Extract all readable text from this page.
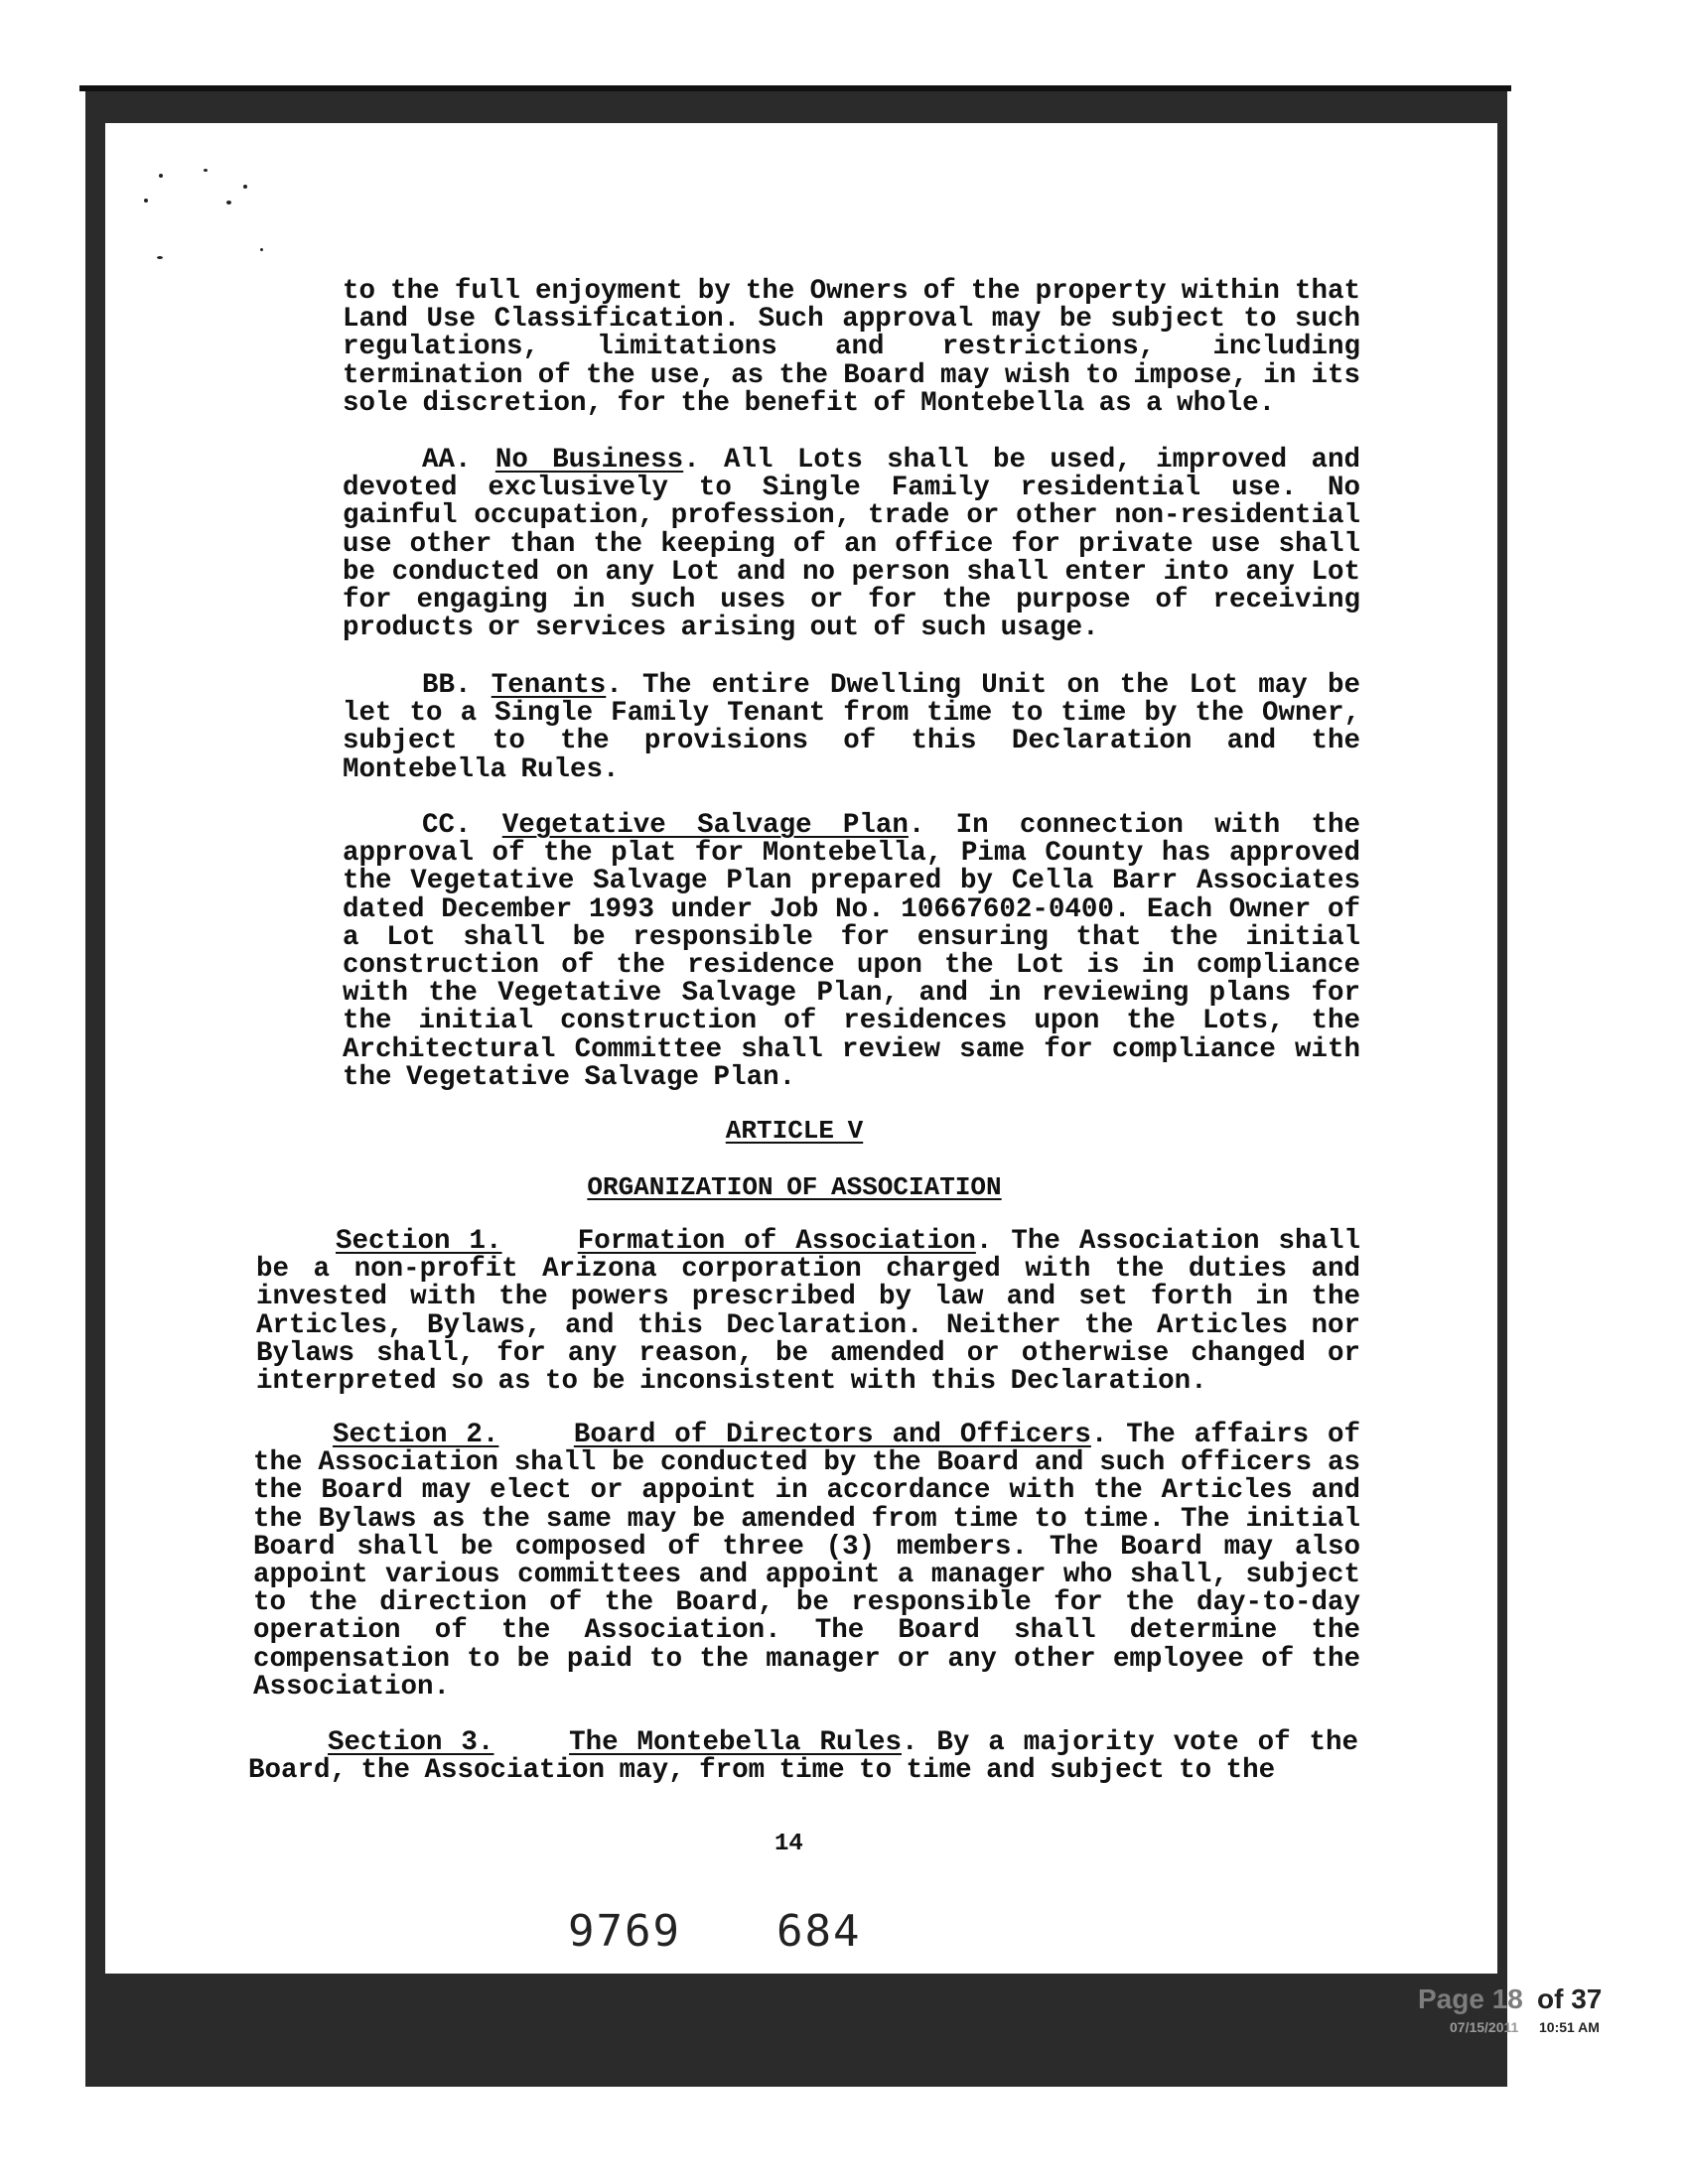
to the full enjoyment by the Owners of the property within that Land Use Classification. Such approval may be subject to such regulations, limitations and restrictions, including termination of the use, as the Board may wish to impose, in its sole discretion, for the benefit of Montebella as a whole.
AA. No Business. All Lots shall be used, improved and devoted exclusively to Single Family residential use. No gainful occupation, profession, trade or other non-residential use other than the keeping of an office for private use shall be conducted on any Lot and no person shall enter into any Lot for engaging in such uses or for the purpose of receiving products or services arising out of such usage.
BB. Tenants. The entire Dwelling Unit on the Lot may be let to a Single Family Tenant from time to time by the Owner, subject to the provisions of this Declaration and the Montebella Rules.
CC. Vegetative Salvage Plan. In connection with the approval of the plat for Montebella, Pima County has approved the Vegetative Salvage Plan prepared by Cella Barr Associates dated December 1993 under Job No. 10667602-0400. Each Owner of a Lot shall be responsible for ensuring that the initial construction of the residence upon the Lot is in compliance with the Vegetative Salvage Plan, and in reviewing plans for the initial construction of residences upon the Lots, the Architectural Committee shall review same for compliance with the Vegetative Salvage Plan.
ARTICLE V
ORGANIZATION OF ASSOCIATION
Section 1.	Formation of Association. The Association shall be a non-profit Arizona corporation charged with the duties and invested with the powers prescribed by law and set forth in the Articles, Bylaws, and this Declaration. Neither the Articles nor Bylaws shall, for any reason, be amended or otherwise changed or interpreted so as to be inconsistent with this Declaration.
Section 2.	Board of Directors and Officers. The affairs of the Association shall be conducted by the Board and such officers as the Board may elect or appoint in accordance with the Articles and the Bylaws as the same may be amended from time to time. The initial Board shall be composed of three (3) members. The Board may also appoint various committees and appoint a manager who shall, subject to the direction of the Board, be responsible for the day-to-day operation of the Association. The Board shall determine the compensation to be paid to the manager or any other employee of the Association.
Section 3.	The Montebella Rules. By a majority vote of the Board, the Association may, from time to time and subject to the
14
9769 684
Page 18 of 37
07/15/2011 10:51 AM
